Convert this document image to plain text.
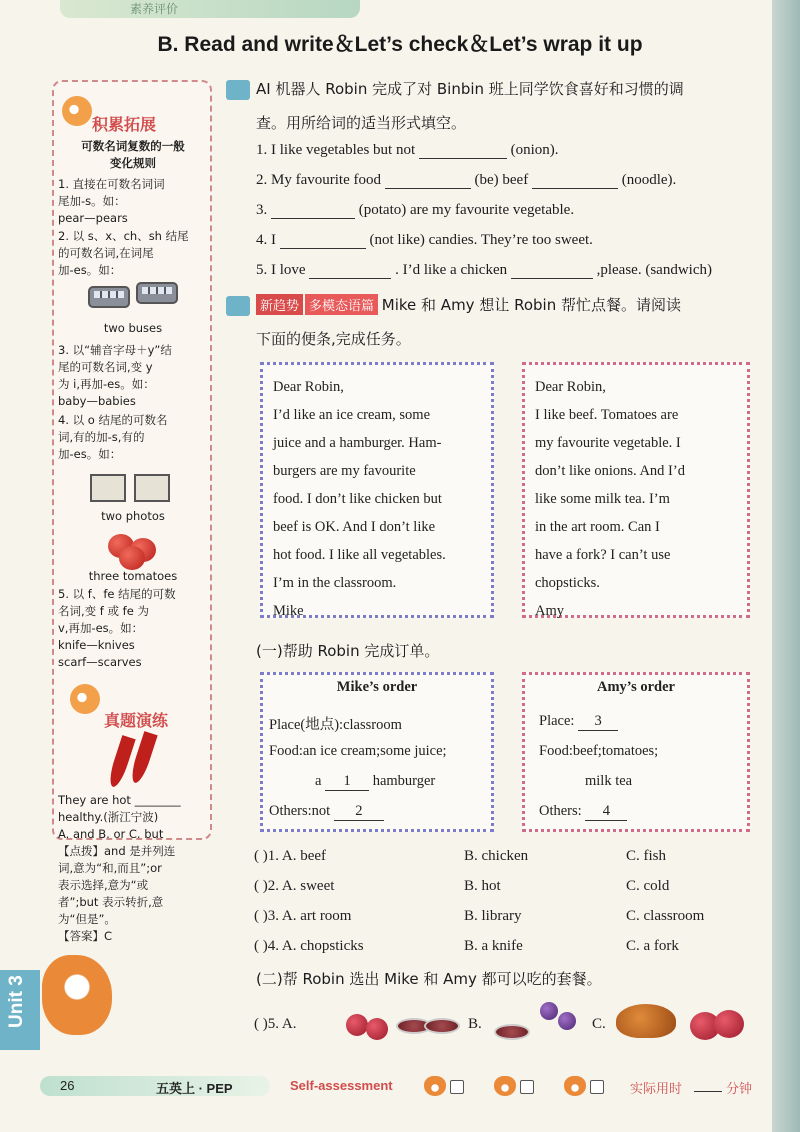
素养评价
B. Read and write＆Let’s check＆Let’s wrap it up
积累拓展
可数名词复数的一般
变化规则
1. 直接在可数名词词
尾加-s。如：
pear—pears
2. 以 s、x、ch、sh 结尾
的可数名词,在词尾
加-es。如：
two buses
3. 以“辅音字母＋y”结
尾的可数名词,变 y
为 i,再加-es。如：
baby—babies
4. 以 o 结尾的可数名
词,有的加-s,有的
加-es。如：
two photos
three tomatoes
5. 以 f、fe 结尾的可数
名词,变 f 或 fe 为
v,再加-es。如：
knife—knives
scarf—scarves
真题演练
They are hot ________
healthy.(浙江宁波)
A. and B. or C. but
【点拨】and 是并列连
词,意为“和,而且”;or
表示选择,意为“或
者”;but 表示转折,意
为“但是”。
【答案】C
Unit 3
AI 机器人 Robin 完成了对 Binbin 班上同学饮食喜好和习惯的调
查。用所给词的适当形式填空。
1. I like vegetables but not	(onion).
2. My favourite food	(be) beef	(noodle).
3.	(potato) are my favourite vegetable.
4. I	(not like) candies. They’re too sweet.
5. I love	. I’d like a chicken	,please. (sandwich)
新趋势 多模态语篇 Mike 和 Amy 想让 Robin 帮忙点餐。请阅读
下面的便条,完成任务。
Dear Robin,
I’d like an ice cream, some
juice and a hamburger. Ham-
burgers are my favourite
food. I don’t like chicken but
beef is OK. And I don’t like
hot food. I like all vegetables.
I’m in the classroom.
Mike
Dear Robin,
I like beef. Tomatoes are
my favourite vegetable. I
don’t like onions. And I’d
like some milk tea. I’m
in the art room. Can I
have a fork? I can’t use
chopsticks.
Amy
(一)帮助 Robin 完成订单。
Mike’s order
Place(地点):classroom
Food:an ice cream;some juice;
a 1 hamburger
Others:not 2
Amy’s order
Place: 3
Food:beef;tomatoes;
milk tea
Others: 4
( )1. A. beef	B. chicken	C. fish
( )2. A. sweet	B. hot	C. cold
( )3. A. art room	B. library	C. classroom
( )4. A. chopsticks	B. a knife	C. a fork
(二)帮 Robin 选出 Mike 和 Amy 都可以吃的套餐。
( )5. A.	B.	C.
26	五英上 · PEP	Self-assessment	实际用时	分钟
